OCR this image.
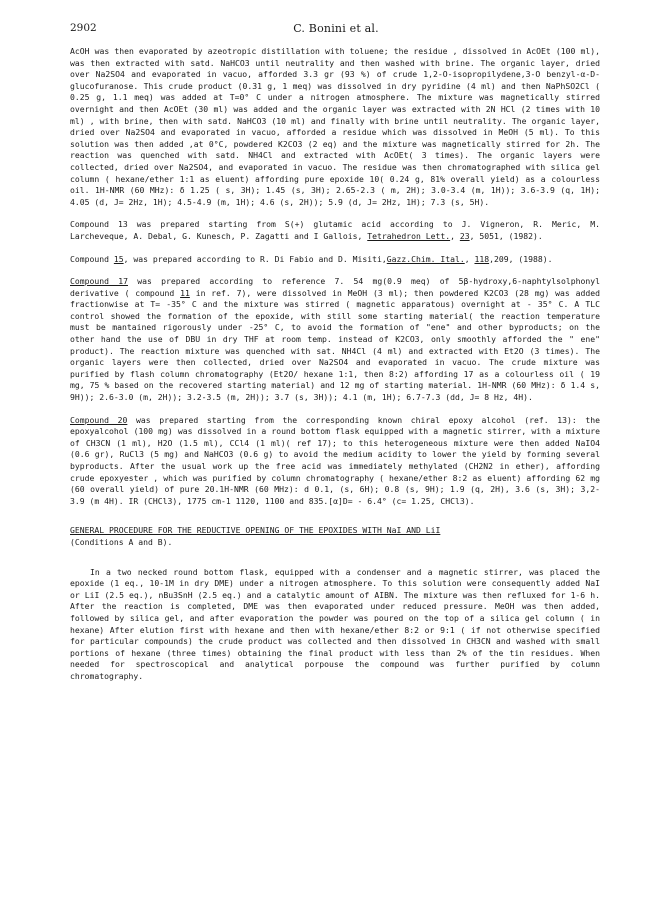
2902	C. Bonini et al.

AcOH was then evaporated by azeotropic distillation with toluene; the residue , dissolved in AcOEt (100 ml), was then extracted with satd. NaHCO3 until neutrality and then washed with brine. The organic layer, dried over Na2SO4 and evaporated in vacuo, afforded 3.3 gr (93 %) of crude 1,2-O-isopropilydene,3-O benzyl-α-D-glucofuranose. This crude product (0.31 g, 1 meq) was dissolved in dry pyridine (4 ml) and then NaPhSO2Cl ( 0.25 g, 1.1 meq) was added at T=0° C under a nitrogen atmosphere. The mixture was magnetically stirred overnight and then AcOEt (30 ml) was added and the organic layer was extracted with 2N HCl (2 times with 10 ml) , with brine, then with satd. NaHCO3 (10 ml) and finally with brine until neutrality. The organic layer, dried over Na2SO4 and evaporated in vacuo, afforded a residue which was dissolved in MeOH (5 ml). To this solution was then added ,at 0°C, powdered K2CO3 (2 eq) and the mixture was magnetically stirred for 2h. The reaction was quenched with satd. NH4Cl and extracted with AcOEt( 3 times). The organic layers were collected, dried over Na2SO4, and evaporated in vacuo. The residue was then chromatographed with silica gel column ( hexane/ether 1:1 as eluent) affording pure epoxide 10( 0.24 g, 81% overall yield) as a colourless oil. 1H-NMR (60 MHz): δ 1.25 ( s, 3H); 1.45 (s, 3H); 2.65-2.3 ( m, 2H); 3.0-3.4 (m, 1H)); 3.6-3.9 (q, 1H); 4.05 (d, J= 2Hz, 1H); 4.5-4.9 (m, 1H); 4.6 (s, 2H)); 5.9 (d, J= 2Hz, 1H); 7.3 (s, 5H).

Compound 13 was prepared starting from S(+) glutamic acid according to J. Vigneron, R. Meric, M. Larcheveque, A. Debal, G. Kunesch, P. Zagatti and I Gallois, Tetrahedron Lett., 23, 5051, (1982).

Compound 15, was prepared according to R. Di Fabio and D. Misiti,Gazz.Chim. Ital., 118,209, (1988).

Compound 17 was prepared according to reference 7. 54 mg(0.9 meq) of 5β-hydroxy,6-naphtylsolphonyl derivative ( compound 11 in ref. 7), were dissolved in MeOH (3 ml); then powdered K2CO3 (28 mg) was added fractionwise at T= -35° C and the mixture was stirred ( magnetic apparatous) overnight at - 35° C. A TLC control showed the formation of the epoxide, with still some starting material( the reaction temperature must be mantained rigorously under -25° C, to avoid the formation of "ene" and other byproducts; on the other hand the use of DBU in dry THF at room temp. instead of K2CO3, only smoothly afforded the " ene" product). The reaction mixture was quenched with sat. NH4Cl (4 ml) and extracted with Et2O (3 times). The organic layers were then collected, dried over Na2SO4 and evaporated in vacuo. The crude mixture was purified by flash column chromatography (Et2O/ hexane 1:1, then 8:2) affording 17 as a colourless oil ( 19 mg, 75 % based on the recovered starting material) and 12 mg of starting material. 1H-NMR (60 MHz): δ 1.4 s, 9H)); 2.6-3.0 (m, 2H)); 3.2-3.5 (m, 2H)); 3.7 (s, 3H)); 4.1 (m, 1H); 6.7-7.3 (dd, J= 8 Hz, 4H).

Compound 20 was prepared starting from the corresponding known chiral epoxy alcohol (ref. 13): the epoxyalcohol (100 mg) was dissolved in a round bottom flask equipped with a magnetic stirrer, with a mixture of CH3CN (1 ml), H2O (1.5 ml), CCl4 (1 ml)( ref 17); to this heterogeneous mixture were then added NaIO4 (0.6 gr), RuCl3 (5 mg) and NaHCO3 (0.6 g) to avoid the medium acidity to lower the yield by forming several byproducts. After the usual work up the free acid was immediately methylated (CH2N2 in ether), affording crude epoxyester , which was purified by column chromatography ( hexane/ether 8:2 as eluent) affording 62 mg (60 overall yield) of pure 20.1H-NMR (60 MHz): d 0.1, (s, 6H); 0.8 (s, 9H); 1.9 (q, 2H), 3.6 (s, 3H); 3,2-3.9 (m 4H). IR (CHCl3), 1775 cm-1 1120, 1100 and 835.[α]D= - 6.4° (c= 1.25, CHCl3).

GENERAL PROCEDURE FOR THE REDUCTIVE OPENING OF THE EPOXIDES WITH NaI AND LiI
(Conditions A and B).

In a two necked round bottom flask, equipped with a condenser and a magnetic stirrer, was placed the epoxide (1 eq., 10-1M in dry DME) under a nitrogen atmosphere. To this solution were consequently added NaI or LiI (2.5 eq.), nBu3SnH (2.5 eq.) and a catalytic amount of AIBN. The mixture was then refluxed for 1-6 h. After the reaction is completed, DME was then evaporated under reduced pressure. MeOH was then added, followed by silica gel, and after evaporation the powder was poured on the top of a silica gel column ( in hexane) After elution first with hexane and then with hexane/ether 8:2 or 9:1 ( if not otherwise specified for particular compounds) the crude product was collected and then dissolved in CH3CN and washed with small portions of hexane (three times) obtaining the final product with less than 2% of the tin residues. When needed for spectroscopical and analytical porpouse the compound was further purified by column chromatography.
